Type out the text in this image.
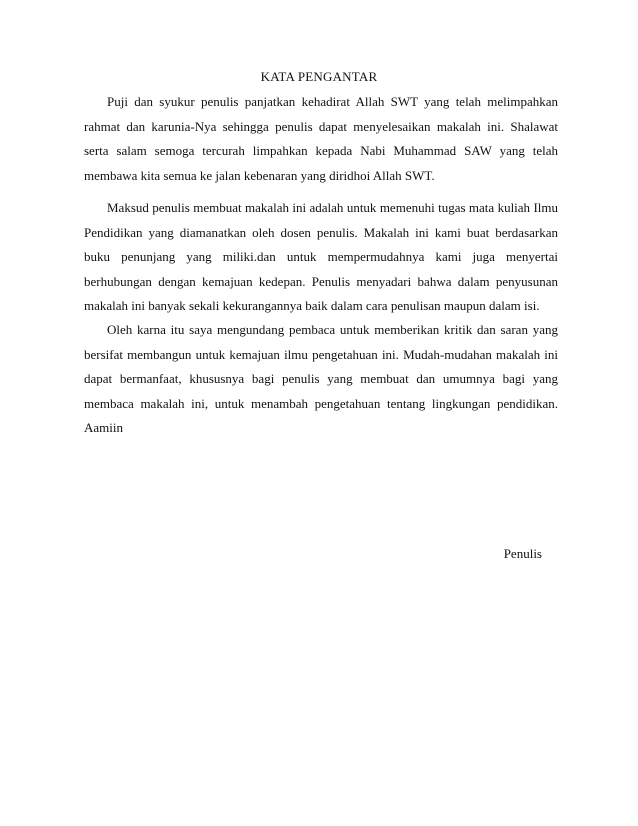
KATA PENGANTAR

Puji dan syukur penulis panjatkan kehadirat Allah SWT yang telah melimpahkan rahmat dan karunia-Nya sehingga penulis dapat menyelesaikan makalah ini. Shalawat serta salam semoga tercurah limpahkan kepada Nabi Muhammad SAW yang telah membawa kita semua ke jalan kebenaran yang diridhoi Allah SWT.

Maksud penulis membuat makalah ini adalah untuk memenuhi tugas mata kuliah Ilmu Pendidikan yang diamanatkan oleh dosen penulis. Makalah ini kami buat berdasarkan buku penunjang yang miliki.dan untuk mempermudahnya kami juga menyertai berhubungan dengan kemajuan kedepan. Penulis menyadari bahwa dalam penyusunan makalah ini banyak sekali kekurangannya baik dalam cara penulisan maupun dalam isi.

Oleh karna itu saya mengundang pembaca untuk memberikan kritik dan saran yang bersifat membangun untuk kemajuan ilmu pengetahuan ini. Mudah-mudahan makalah ini dapat bermanfaat, khususnya bagi penulis yang membuat dan umumnya bagi yang membaca makalah ini, untuk menambah pengetahuan tentang lingkungan pendidikan. Aamiin

Penulis
